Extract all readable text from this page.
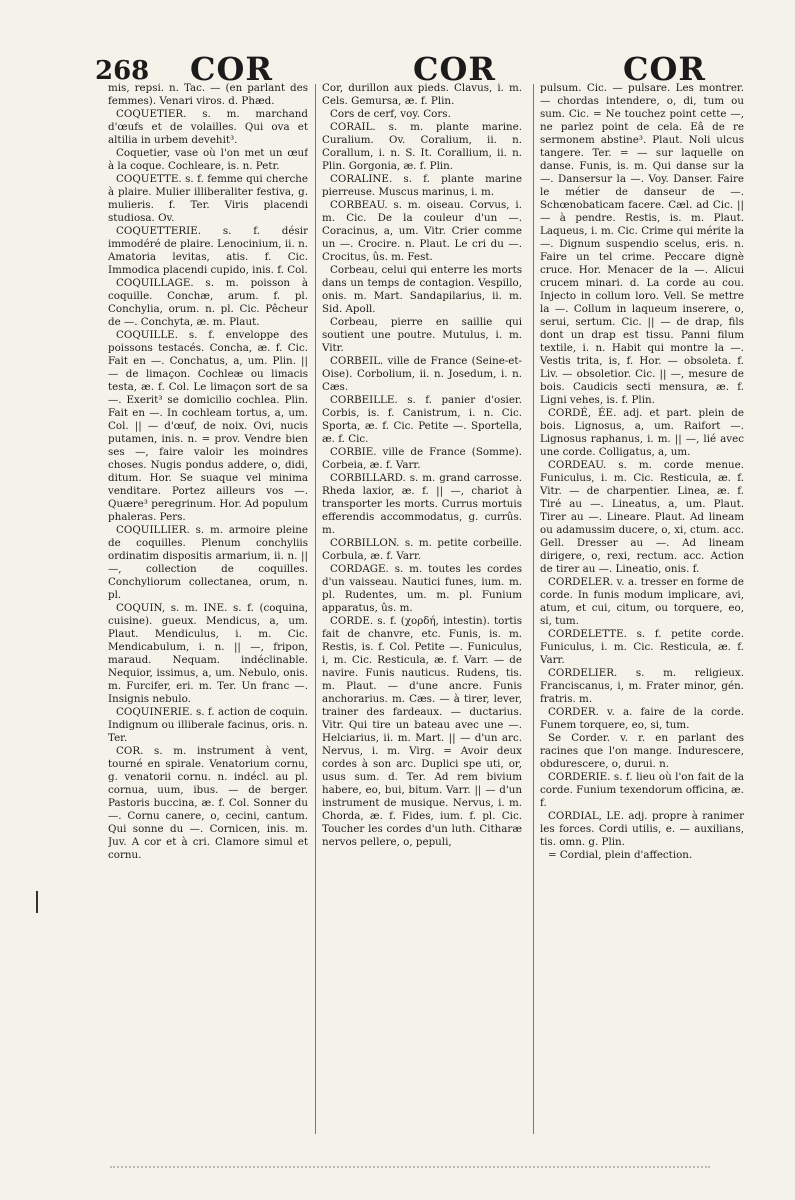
268 COR	COR	COR

mis, repsi. n. Tac. — (en parlant des femmes). Venari viros. d. Phæd.

COQUETIER. s. m. marchand d'œufs et de volailles. Qui ova et altilia in urbem devehit³.

Coquetier, vase où l'on met un œuf à la coque. Cochleare, is. n. Petr.

COQUETTE. s. f. femme qui cherche à plaire. Mulier illiberaliter festiva, g. mulieris. f. Ter. Viris placendi studiosa. Ov.

COQUETTERIE. s. f. désir immodéré de plaire. Lenocinium, ii. n. Amatoria levitas, atis. f. Cic. Immodica placendi cupido, inis. f. Col.

COQUILLAGE. s. m. poisson à coquille. Conchæ, arum. f. pl. Conchylia, orum. n. pl. Cic. Pêcheur de —. Conchyta, æ. m. Plaut.

COQUILLE. s. f. enveloppe des poissons testacés. Concha, æ. f. Cic. Fait en —. Conchatus, a, um. Plin. || — de limaçon. Cochleæ ou limacis testa, æ. f. Col. Le limaçon sort de sa —. Exerit³ se domicilio cochlea. Plin. Fait en —. In cochleam tortus, a, um. Col. || — d'œuf, de noix. Ovi, nucis putamen, inis. n. = prov. Vendre bien ses —, faire valoir les moindres choses. Nugis pondus addere, o, didi, ditum. Hor. Se suaque vel minima venditare. Portez ailleurs vos —. Quære³ peregrinum. Hor. Ad populum phaleras. Pers.

COQUILLIER. s. m. armoire pleine de coquilles. Plenum conchyliis ordinatim dispositis armarium, ii. n. || —, collection de coquilles. Conchyliorum collectanea, orum, n. pl.

COQUIN, s. m. INE. s. f. (coquina, cuisine). gueux. Mendicus, a, um. Plaut. Mendiculus, i. m. Cic. Mendicabulum, i. n. || —, fripon, maraud. Nequam. indéclinable. Nequior, issimus, a, um. Nebulo, onis. m. Furcifer, eri. m. Ter. Un franc —. Insignis nebulo.

COQUINERIE. s. f. action de coquin. Indignum ou illiberale facinus, oris. n. Ter.

COR. s. m. instrument à vent, tourné en spirale. Venatorium cornu, g. venatorii cornu. n. indécl. au pl. cornua, uum, ibus. — de berger. Pastoris buccina, æ. f. Col. Sonner du —. Cornu canere, o, cecini, cantum. Qui sonne du —. Cornicen, inis. m. Juv. A cor et à cri. Clamore simul et cornu.

Cor, durillon aux pieds. Clavus, i. m. Cels. Gemursa, æ. f. Plin.

Cors de cerf, voy. Cors.

CORAIL. s. m. plante marine. Curalium. Ov. Coralium, ii. n. Corallum, i. n. S. It. Corallium, ii. n. Plin. Gorgonia, æ. f. Plin.

CORALINE. s. f. plante marine pierreuse. Muscus marinus, i. m.

CORBEAU. s. m. oiseau. Corvus, i. m. Cic. De la couleur d'un —. Coracinus, a, um. Vitr. Crier comme un —. Crocire. n. Plaut. Le cri du —. Crocitus, ûs. m. Fest.

Corbeau, celui qui enterre les morts dans un temps de contagion. Vespillo, onis. m. Mart. Sandapilarius, ii. m. Sid. Apoll.

Corbeau, pierre en saillie qui soutient une poutre. Mutulus, i. m. Vitr.

CORBEIL. ville de France (Seine-et-Oise). Corbolium, ii. n. Josedum, i. n. Cæs.

CORBEILLE. s. f. panier d'osier. Corbis, is. f. Canistrum, i. n. Cic. Sporta, æ. f. Cic. Petite —. Sportella, æ. f. Cic.

CORBIE. ville de France (Somme). Corbeia, æ. f. Varr.

CORBILLARD. s. m. grand carrosse. Rheda laxior, æ. f. || —, chariot à transporter les morts. Currus mortuis efferendis accommodatus, g. currûs. m.

CORBILLON. s. m. petite corbeille. Corbula, æ. f. Varr.

CORDAGE. s. m. toutes les cordes d'un vaisseau. Nautici funes, ium. m. pl. Rudentes, um. m. pl. Funium apparatus, ûs. m.

CORDE. s. f. (χορδή, intestin). tortis fait de chanvre, etc. Funis, is. m. Restis, is. f. Col. Petite —. Funiculus, i, m. Cic. Resticula, æ. f. Varr. — de navire. Funis nauticus. Rudens, tis. m. Plaut. — d'une ancre. Funis anchorarius. m. Cæs. — à tirer, lever, trainer des fardeaux. — ductarius. Vitr. Qui tire un bateau avec une —. Helciarius, ii. m. Mart. || — d'un arc. Nervus, i. m. Virg. = Avoir deux cordes à son arc. Duplici spe uti, or, usus sum. d. Ter. Ad rem bivium habere, eo, bui, bitum. Varr. || — d'un instrument de musique. Nervus, i. m. Chorda, æ. f. Fides, ium. f. pl. Cic. Toucher les cordes d'un luth. Citharæ nervos pellere, o, pepuli,

pulsum. Cic. — pulsare. Les montrer. — chordas intendere, o, di, tum ou sum. Cic. = Ne touchez point cette —, ne parlez point de cela. Eâ de re sermonem abstine³. Plaut. Noli ulcus tangere. Ter. = — sur laquelle on danse. Funis, is. m. Qui danse sur la —. Dansersur la —. Voy. Danser. Faire le métier de danseur de —. Schœnobaticam facere. Cæl. ad Cic. || — à pendre. Restis, is. m. Plaut. Laqueus, i. m. Cic. Crime qui mérite la —. Dignum suspendio scelus, eris. n. Faire un tel crime. Peccare dignè cruce. Hor. Menacer de la —. Alicui crucem minari. d. La corde au cou. Injecto in collum loro. Vell. Se mettre la —. Collum in laqueum inserere, o, serui, sertum. Cic. || — de drap, fils dont un drap est tissu. Panni filum textile, i. n. Habit qui montre la —. Vestis trita, is, f. Hor. — obsoleta. f. Liv. — obsoletior. Cic. || —, mesure de bois. Caudicis secti mensura, æ. f. Ligni vehes, is. f. Plin.

CORDÉ, ÉE. adj. et part. plein de bois. Lignosus, a, um. Raifort —. Lignosus raphanus, i. m. || —, lié avec une corde. Colligatus, a, um.

CORDEAU. s. m. corde menue. Funiculus, i. m. Cic. Resticula, æ. f. Vitr. — de charpentier. Linea, æ. f. Tiré au —. Lineatus, a, um. Plaut. Tirer au —. Lineare. Plaut. Ad lineam ou adamussim ducere, o, xi, ctum. acc. Gell. Dresser au —. Ad lineam dirigere, o, rexi, rectum. acc. Action de tirer au —. Lineatio, onis. f.

CORDELER. v. a. tresser en forme de corde. In funis modum implicare, avi, atum, et cui, citum, ou torquere, eo, si, tum.

CORDELETTE. s. f. petite corde. Funiculus, i. m. Cic. Resticula, æ. f. Varr.

CORDELIER. s. m. religieux. Franciscanus, i, m. Frater minor, gén. fratris. m.

CORDER. v. a. faire de la corde. Funem torquere, eo, si, tum.

Se Corder. v. r. en parlant des racines que l'on mange. Indurescere, obdurescere, o, durui. n.

CORDERIE. s. f. lieu où l'on fait de la corde. Funium texendorum officina, æ. f.

CORDIAL, LE. adj. propre à ranimer les forces. Cordi utilis, e. — auxilians, tis. omn. g. Plin.

= Cordial, plein d'affection.
